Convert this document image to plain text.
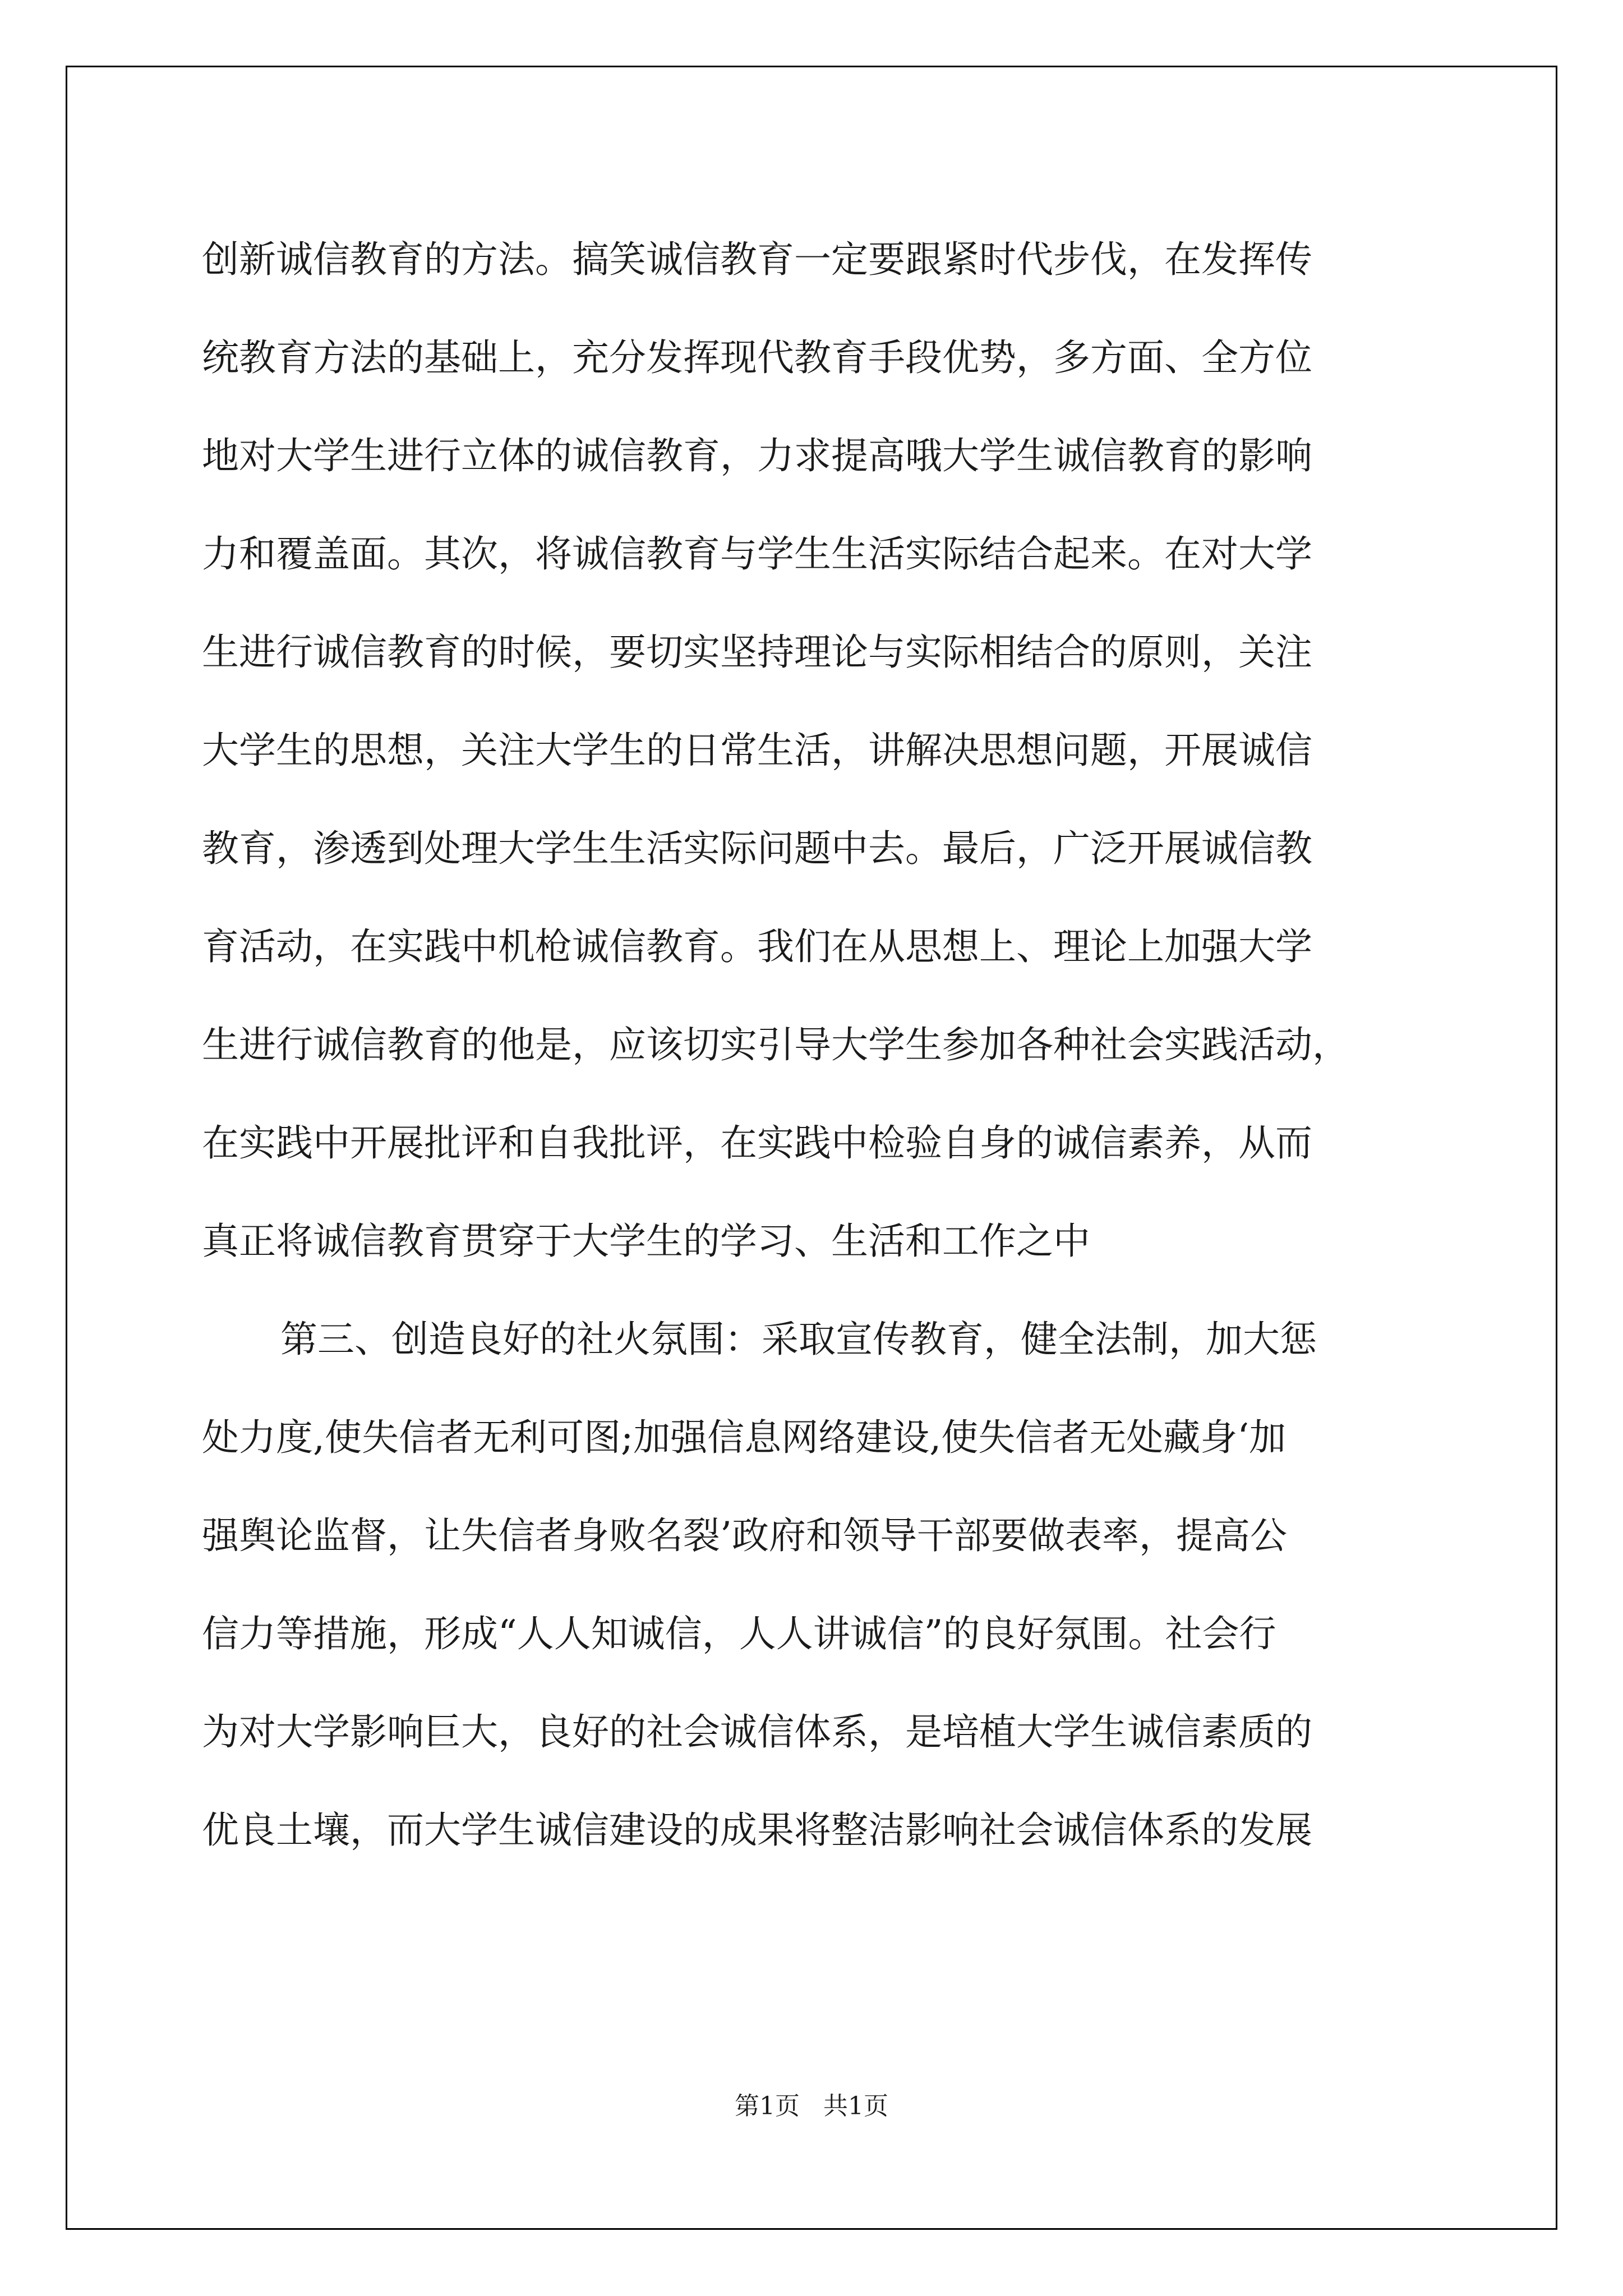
创新诚信教育的方法。搞笑诚信教育一定要跟紧时代步伐，在发挥传
统教育方法的基础上，充分发挥现代教育手段优势，多方面、全方位
地对大学生进行立体的诚信教育，力求提高哦大学生诚信教育的影响
力和覆盖面。其次，将诚信教育与学生生活实际结合起来。在对大学
生进行诚信教育的时候，要切实坚持理论与实际相结合的原则，关注
大学生的思想，关注大学生的日常生活，讲解决思想问题，开展诚信
教育，渗透到处理大学生生活实际问题中去。最后，广泛开展诚信教
育活动，在实践中机枪诚信教育。我们在从思想上、理论上加强大学
生进行诚信教育的他是，应该切实引导大学生参加各种社会实践活动，
在实践中开展批评和自我批评，在实践中检验自身的诚信素养，从而
真正将诚信教育贯穿于大学生的学习、生活和工作之中
第三、创造良好的社火氛围：采取宣传教育，健全法制，加大惩
处力度,使失信者无利可图;加强信息网络建设,使失信者无处藏身‘加
强舆论监督，让失信者身败名裂’政府和领导干部要做表率，提高公
信力等措施，形成“人人知诚信，人人讲诚信”的良好氛围。社会行
为对大学影响巨大，良好的社会诚信体系，是培植大学生诚信素质的
优良土壤，而大学生诚信建设的成果将整洁影响社会诚信体系的发展
第1页 共1页
